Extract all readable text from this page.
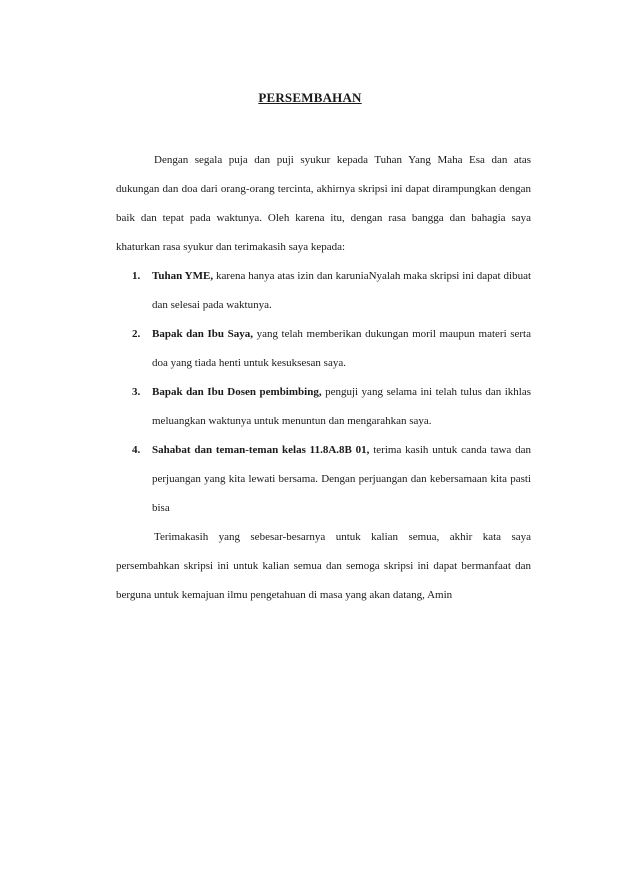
PERSEMBAHAN

Dengan segala puja dan puji syukur kepada Tuhan Yang Maha Esa dan atas dukungan dan doa dari orang-orang tercinta, akhirnya skripsi ini dapat dirampungkan dengan baik dan tepat pada waktunya. Oleh karena itu, dengan rasa bangga dan bahagia saya khaturkan rasa syukur dan terimakasih saya kepada:

1. Tuhan YME, karena hanya atas izin dan karuniaNyalah maka skripsi ini dapat dibuat dan selesai pada waktunya.
2. Bapak dan Ibu Saya, yang telah memberikan dukungan moril maupun materi serta doa yang tiada henti untuk kesuksesan saya.
3. Bapak dan Ibu Dosen pembimbing, penguji yang selama ini telah tulus dan ikhlas meluangkan waktunya untuk menuntun dan mengarahkan saya.
4. Sahabat dan teman-teman kelas 11.8A.8B 01, terima kasih untuk canda tawa dan perjuangan yang kita lewati bersama. Dengan perjuangan dan kebersamaan kita pasti bisa

Terimakasih yang sebesar-besarnya untuk kalian semua, akhir kata saya persembahkan skripsi ini untuk kalian semua dan semoga skripsi ini dapat bermanfaat dan berguna untuk kemajuan ilmu pengetahuan di masa yang akan datang, Amin
